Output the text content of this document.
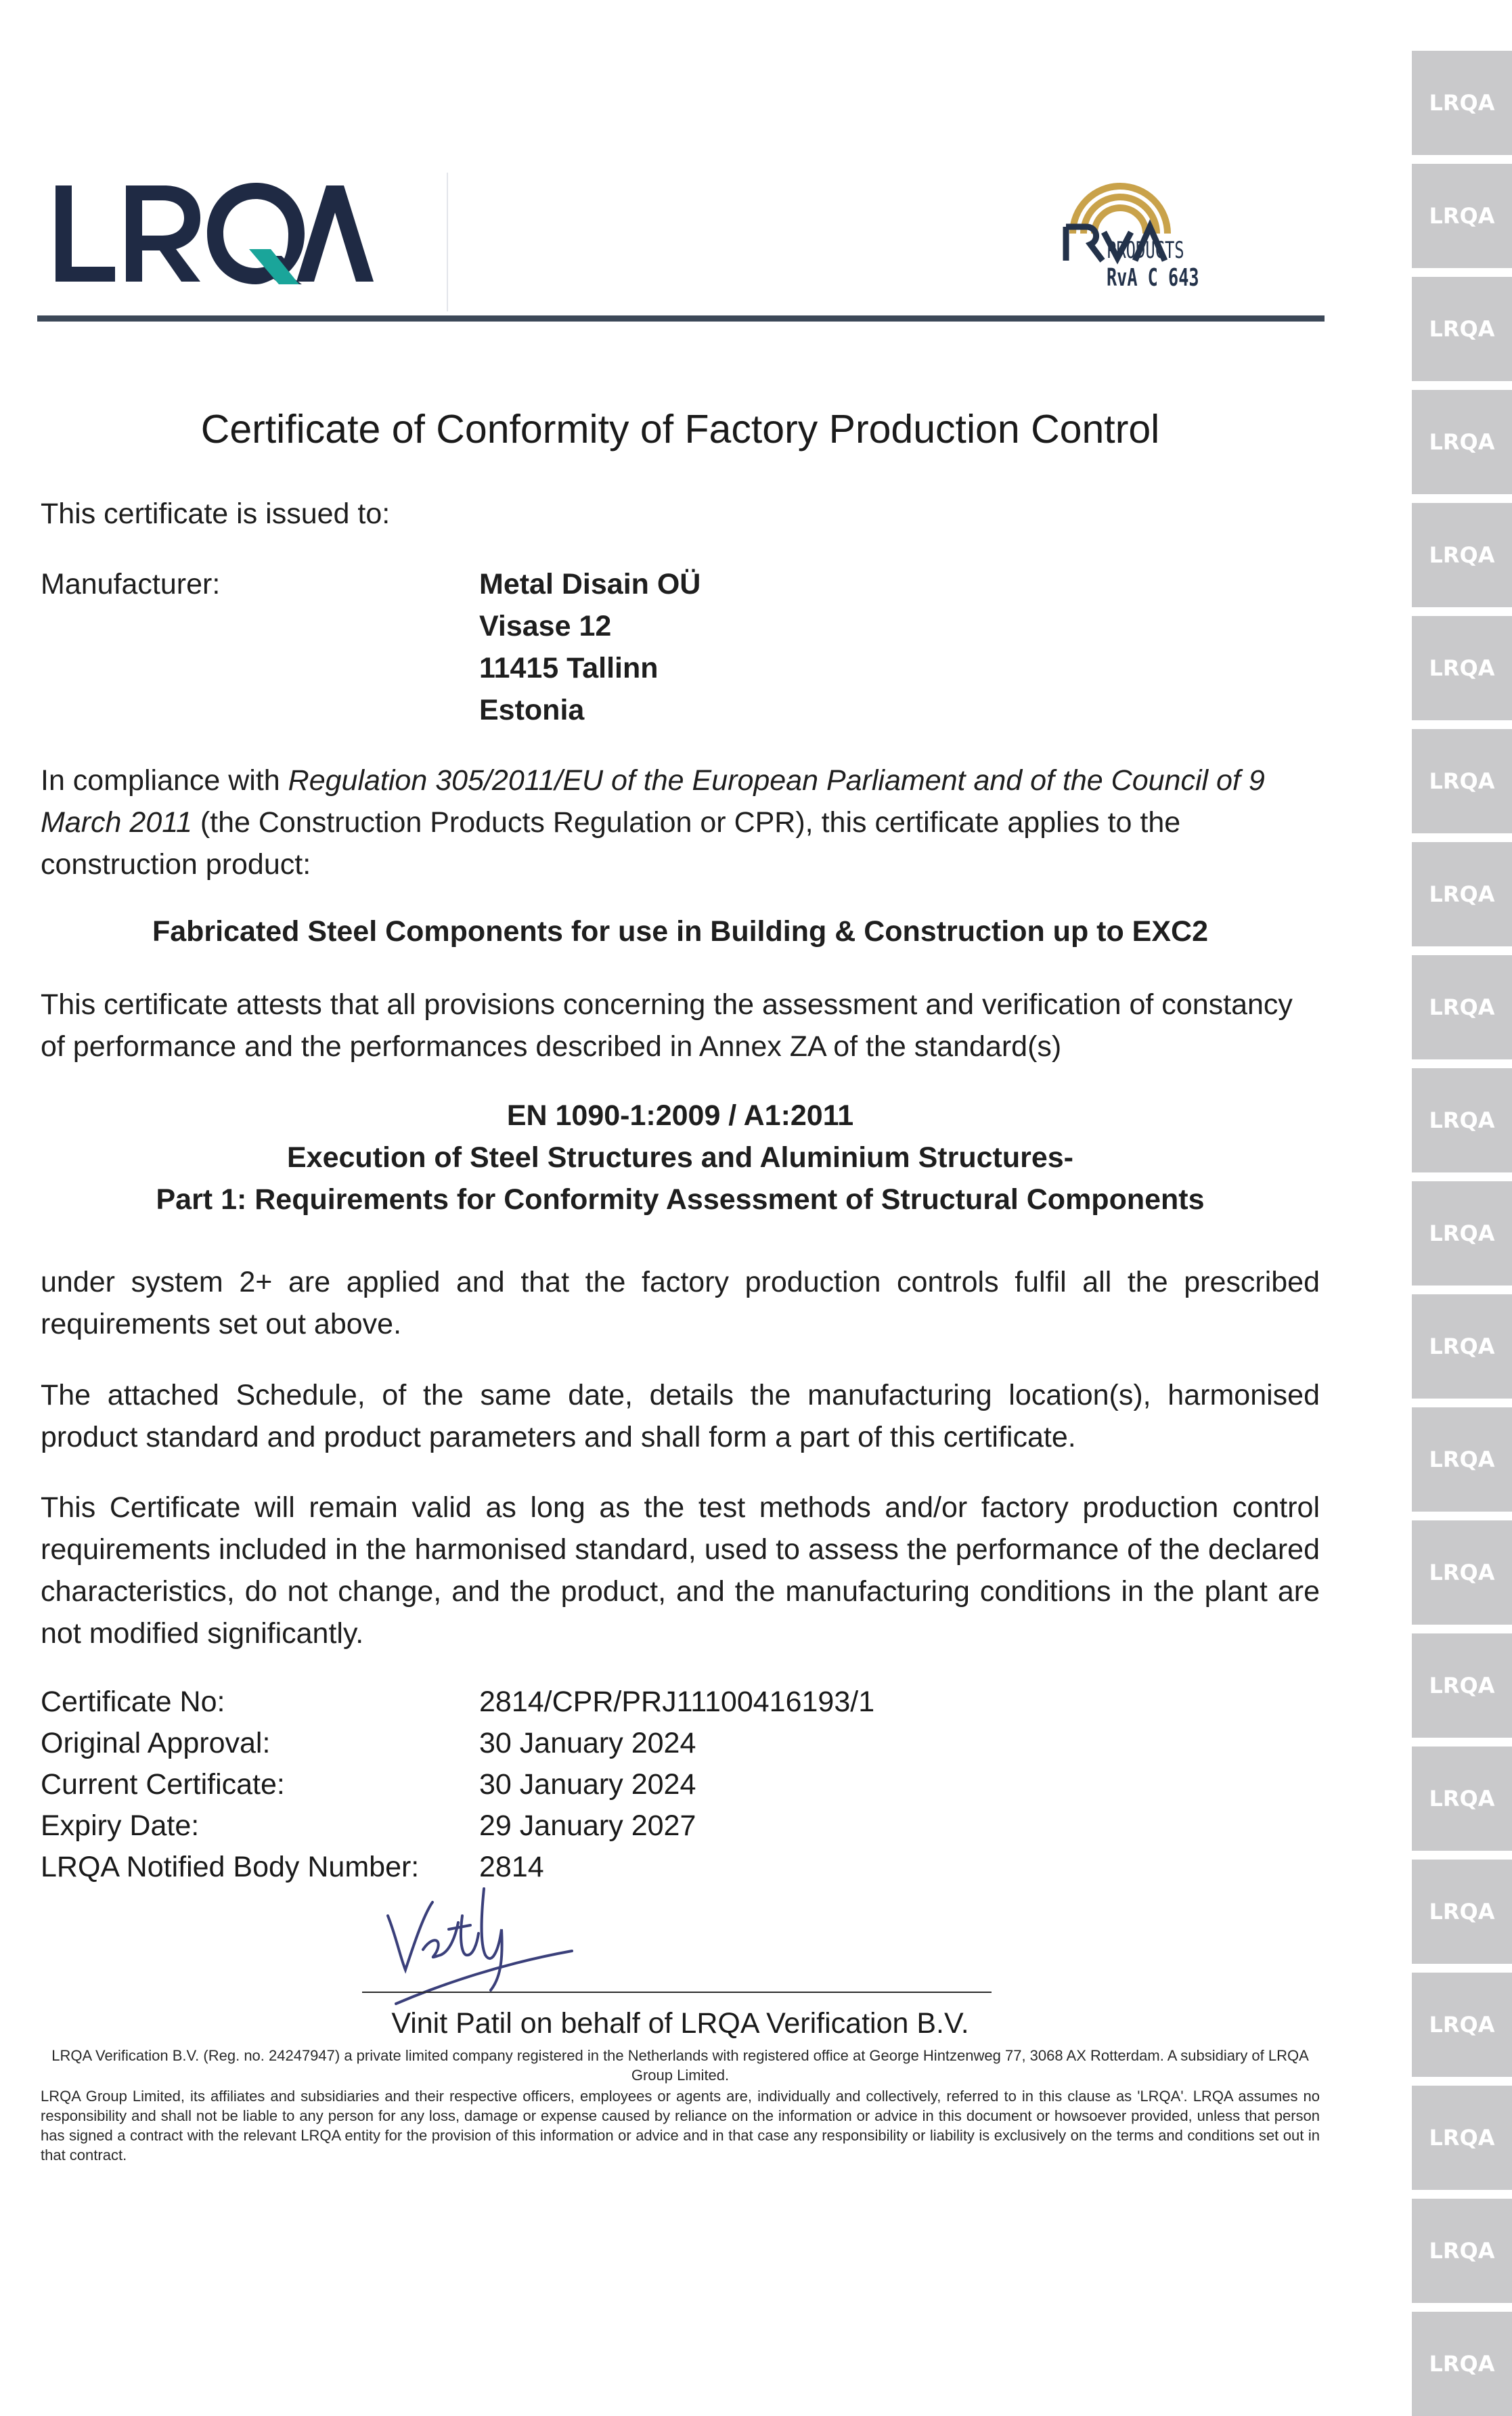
LRQA
LRQA
LRQA
LRQA
LRQA
LRQA
LRQA
LRQA
LRQA
LRQA
LRQA
LRQA
LRQA
LRQA
LRQA
LRQA
LRQA
LRQA
LRQA
LRQA
LRQA
PRODUCTS
RvA C 643
Certificate of Conformity of Factory Production Control
This certificate is issued to:
Manufacturer:	Metal Disain OÜ
Visase 12
11415 Tallinn
Estonia
In compliance with Regulation 305/2011/EU of the European Parliament and of the Council of 9 March 2011 (the Construction Products Regulation or CPR), this certificate applies to the construction product:
Fabricated Steel Components for use in Building & Construction up to EXC2
This certificate attests that all provisions concerning the assessment and verification of constancy of performance and the performances described in Annex ZA of the standard(s)
EN 1090-1:2009 / A1:2011
Execution of Steel Structures and Aluminium Structures-
Part 1: Requirements for Conformity Assessment of Structural Components
under system 2+ are applied and that the factory production controls fulfil all the prescribed requirements set out above.
The attached Schedule, of the same date, details the manufacturing location(s), harmonised product standard and product parameters and shall form a part of this certificate.
This Certificate will remain valid as long as the test methods and/or factory production control requirements included in the harmonised standard, used to assess the performance of the declared characteristics, do not change, and the product, and the manufacturing conditions in the plant are not modified significantly.
Certificate No:	2814/CPR/PRJ11100416193/1
Original Approval:	30 January 2024
Current Certificate:	30 January 2024
Expiry Date:	29 January 2027
LRQA Notified Body Number: 2814
Vinit Patil on behalf of LRQA Verification B.V.
LRQA Verification B.V. (Reg. no. 24247947) a private limited company registered in the Netherlands with registered office at George Hintzenweg 77, 3068 AX Rotterdam. A subsidiary of LRQA Group Limited.
LRQA Group Limited, its affiliates and subsidiaries and their respective officers, employees or agents are, individually and collectively, referred to in this clause as 'LRQA'. LRQA assumes no responsibility and shall not be liable to any person for any loss, damage or expense caused by reliance on the information or advice in this document or howsoever provided, unless that person has signed a contract with the relevant LRQA entity for the provision of this information or advice and in that case any responsibility or liability is exclusively on the terms and conditions set out in that contract.
